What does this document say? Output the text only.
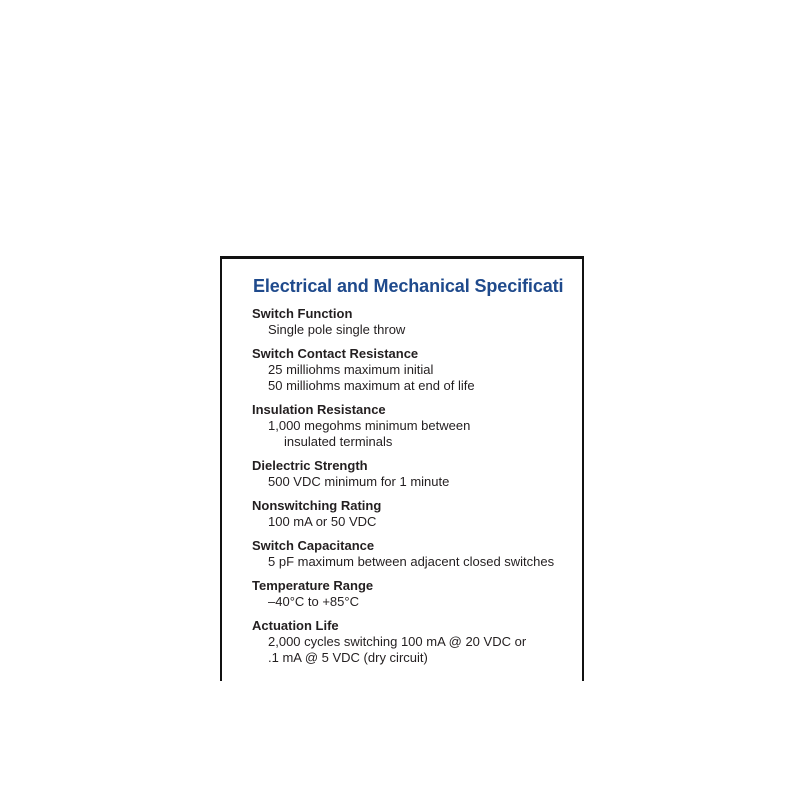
Electrical and Mechanical Specificati
Switch Function
Single pole single throw
Switch Contact Resistance
25 milliohms maximum initial
50 milliohms maximum at end of life
Insulation Resistance
1,000 megohms minimum between
insulated terminals
Dielectric Strength
500 VDC minimum for 1 minute
Nonswitching Rating
100 mA or 50 VDC
Switch Capacitance
5 pF maximum between adjacent closed switches
Temperature Range
–40°C to +85°C
Actuation Life
2,000 cycles switching 100 mA @ 20 VDC or
.1 mA @ 5 VDC (dry circuit)
